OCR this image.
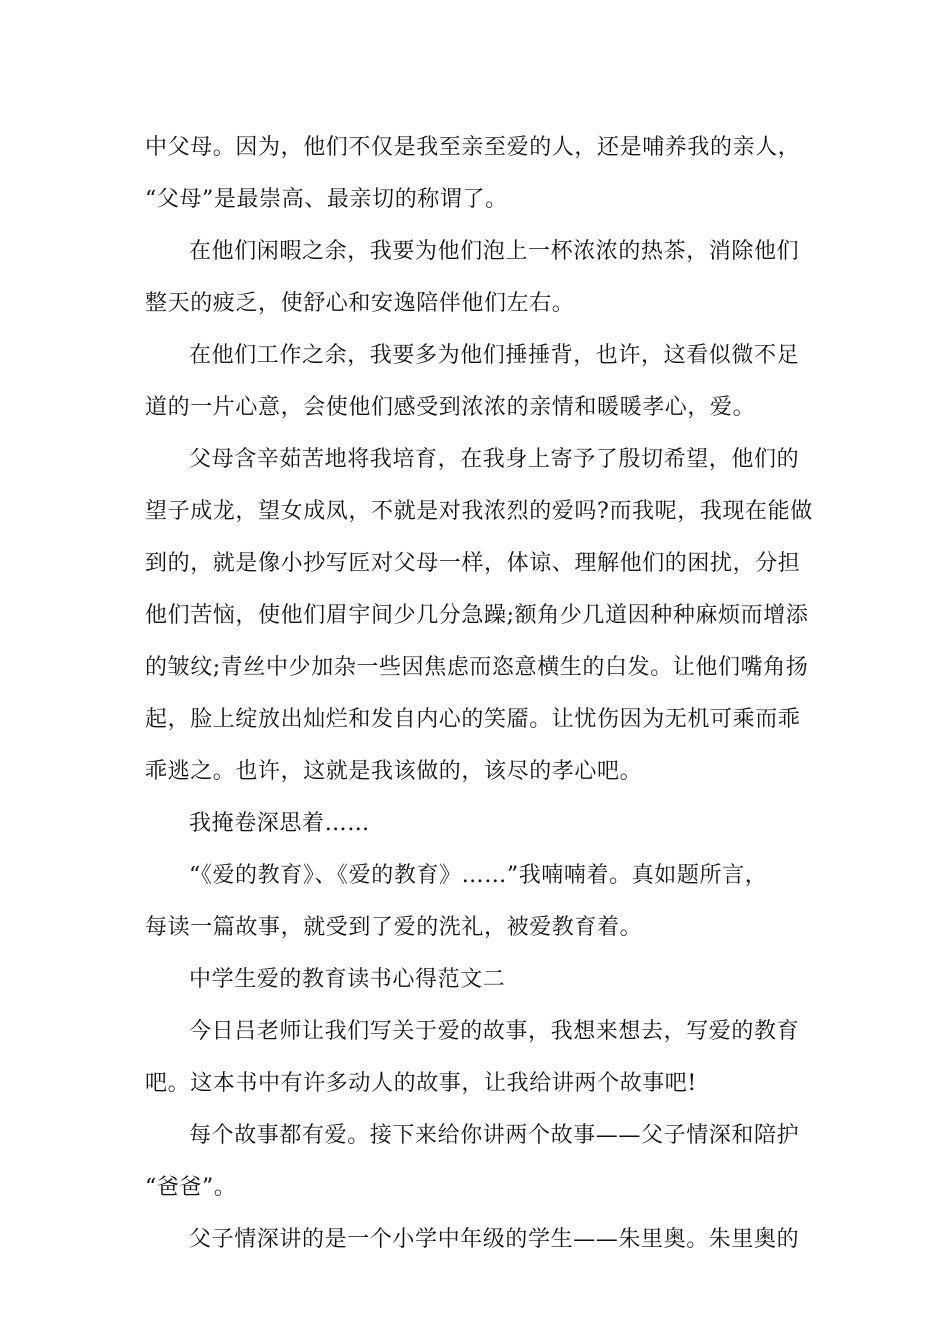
中父母。因为，他们不仅是我至亲至爱的人，还是哺养我的亲人，
“父母”是最崇高、最亲切的称谓了。
在他们闲暇之余，我要为他们泡上一杯浓浓的热茶，消除他们
整天的疲乏，使舒心和安逸陪伴他们左右。
在他们工作之余，我要多为他们捶捶背，也许，这看似微不足
道的一片心意，会使他们感受到浓浓的亲情和暖暖孝心，爱。
父母含辛茹苦地将我培育，在我身上寄予了殷切希望，他们的
望子成龙，望女成凤，不就是对我浓烈的爱吗?而我呢，我现在能做
到的，就是像小抄写匠对父母一样，体谅、理解他们的困扰，分担
他们苦恼，使他们眉宇间少几分急躁;额角少几道因种种麻烦而增添
的皱纹;青丝中少加杂一些因焦虑而恣意横生的白发。让他们嘴角扬
起，脸上绽放出灿烂和发自内心的笑靥。让忧伤因为无机可乘而乖
乖逃之。也许，这就是我该做的，该尽的孝心吧。
我掩卷深思着……
“《爱的教育》、《爱的教育》……”我喃喃着。真如题所言，
每读一篇故事，就受到了爱的洗礼，被爱教育着。
中学生爱的教育读书心得范文二
今日吕老师让我们写关于爱的故事，我想来想去，写爱的教育
吧。这本书中有许多动人的故事，让我给讲两个故事吧!
每个故事都有爱。接下来给你讲两个故事——父子情深和陪护
“爸爸”。
父子情深讲的是一个小学中年级的学生——朱里奥。朱里奥的
